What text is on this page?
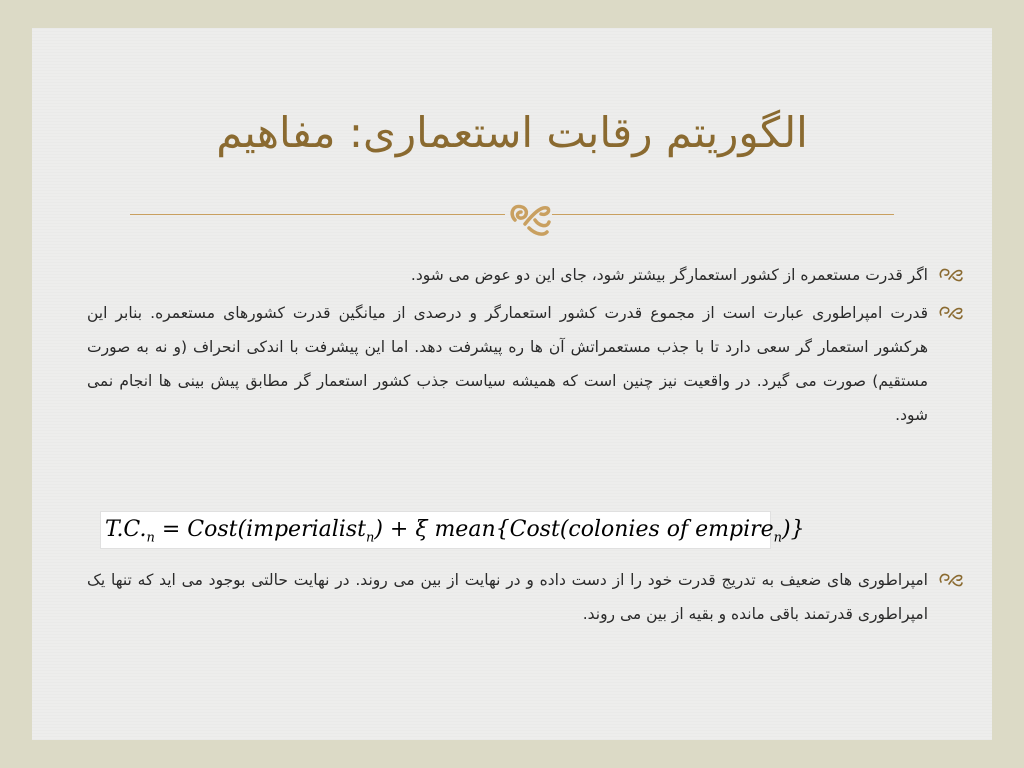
الگوریتم رقابت استعماری: مفاهیم
اگر قدرت مستعمره از کشور استعمارگر بیشتر شود، جای این دو عوض می شود.
قدرت امپراطوری عبارت است از مجموع قدرت کشور استعمارگر و درصدی از میانگین قدرت کشورهای مستعمره. بنابر این هرکشور استعمار گر سعی دارد تا با جذب مستعمراتش آن ها ره پیشرفت دهد. اما این پیشرفت با اندکی انحراف (و نه به صورت مستقیم) صورت می گیرد. در واقعیت نیز چنین است که همیشه سیاست جذب کشور استعمار گر مطابق پیش بینی ها انجام نمی شود.
$T.C._n$ = Cost(imperialist$_n$) + ξ mean{Cost(colonies of empire$_n$)}
امپراطوری های ضعیف به تدریج قدرت خود را از دست داده و در نهایت از بین می روند. در نهایت حالتی بوجود می اید که تنها یک امپراطوری قدرتمند باقی مانده و بقیه از بین می روند.
